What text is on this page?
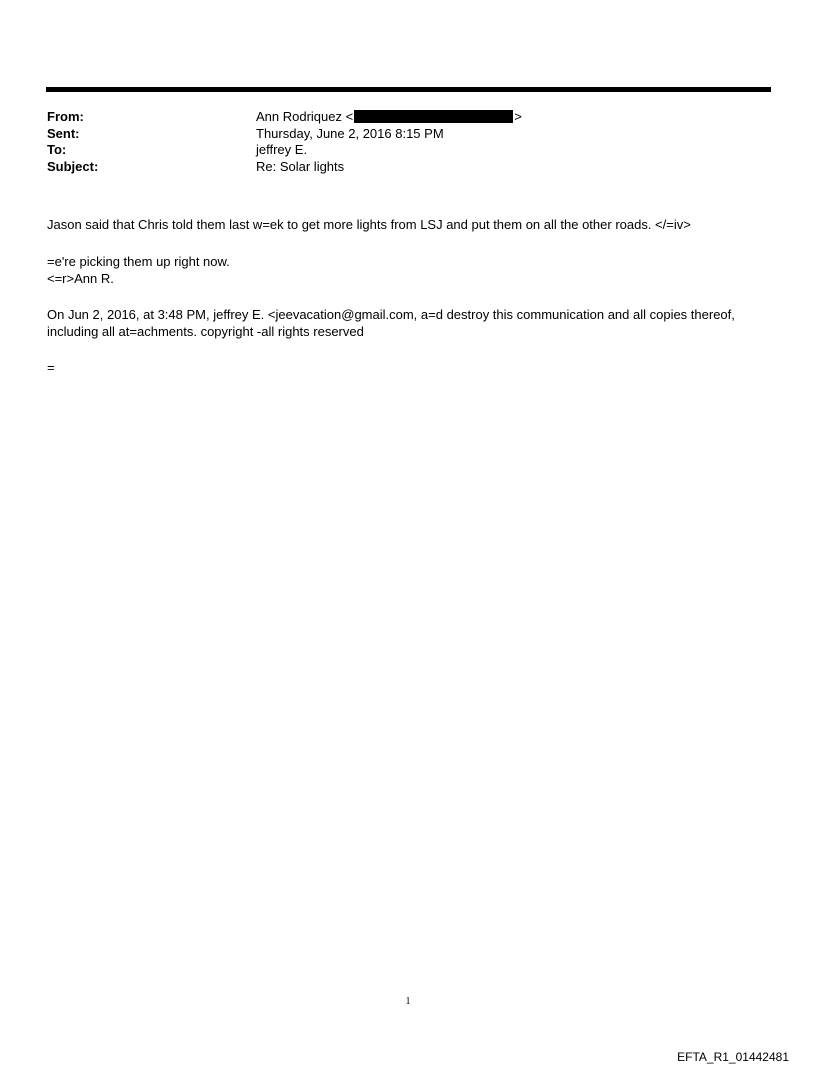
From:	Ann Rodriquez <	>
Sent:	Thursday, June 2, 2016 8:15 PM
To:	jeffrey E.
Subject:	Re: Solar lights
Jason said that Chris told them last w=ek to get more lights from LSJ and put them on all the other roads. </=iv>
=e're picking them up right now.
<=r>Ann R.
On Jun 2, 2016, at 3:48 PM, jeffrey E. <jeevacation@gmail.com, a=d destroy this communication and all copies thereof,
including all at=achments. copyright -all rights reserved
=
1
EFTA_R1_01442481
